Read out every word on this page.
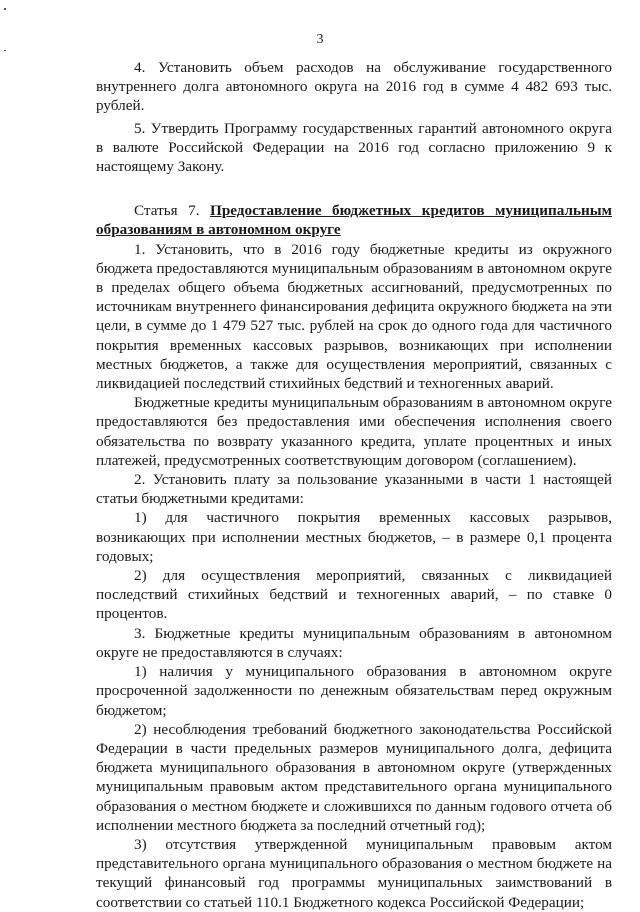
3

4. Установить объем расходов на обслуживание государственного внутреннего долга автономного округа на 2016 год в сумме 4 482 693 тыс. рублей.

5. Утвердить Программу государственных гарантий автономного округа в валюте Российской Федерации на 2016 год согласно приложению 9 к настоящему Закону.

Статья 7. Предоставление бюджетных кредитов муниципальным образованиям в автономном округе

1. Установить, что в 2016 году бюджетные кредиты из окружного бюджета предоставляются муниципальным образованиям в автономном округе в пределах общего объема бюджетных ассигнований, предусмотренных по источникам внутреннего финансирования дефицита окружного бюджета на эти цели, в сумме до 1 479 527 тыс. рублей на срок до одного года для частичного покрытия временных кассовых разрывов, возникающих при исполнении местных бюджетов, а также для осуществления мероприятий, связанных с ликвидацией последствий стихийных бедствий и техногенных аварий.

Бюджетные кредиты муниципальным образованиям в автономном округе предоставляются без предоставления ими обеспечения исполнения своего обязательства по возврату указанного кредита, уплате процентных и иных платежей, предусмотренных соответствующим договором (соглашением).

2. Установить плату за пользование указанными в части 1 настоящей статьи бюджетными кредитами:

1) для частичного покрытия временных кассовых разрывов, возникающих при исполнении местных бюджетов, – в размере 0,1 процента годовых;

2) для осуществления мероприятий, связанных с ликвидацией последствий стихийных бедствий и техногенных аварий, – по ставке 0 процентов.

3. Бюджетные кредиты муниципальным образованиям в автономном округе не предоставляются в случаях:

1) наличия у муниципального образования в автономном округе просроченной задолженности по денежным обязательствам перед окружным бюджетом;

2) несоблюдения требований бюджетного законодательства Российской Федерации в части предельных размеров муниципального долга, дефицита бюджета муниципального образования в автономном округе (утвержденных муниципальным правовым актом представительного органа муниципального образования о местном бюджете и сложившихся по данным годового отчета об исполнении местного бюджета за последний отчетный год);

3) отсутствия утвержденной муниципальным правовым актом представительного органа муниципального образования о местном бюджете на текущий финансовый год программы муниципальных заимствований в соответствии со статьей 110.1 Бюджетного кодекса Российской Федерации;
